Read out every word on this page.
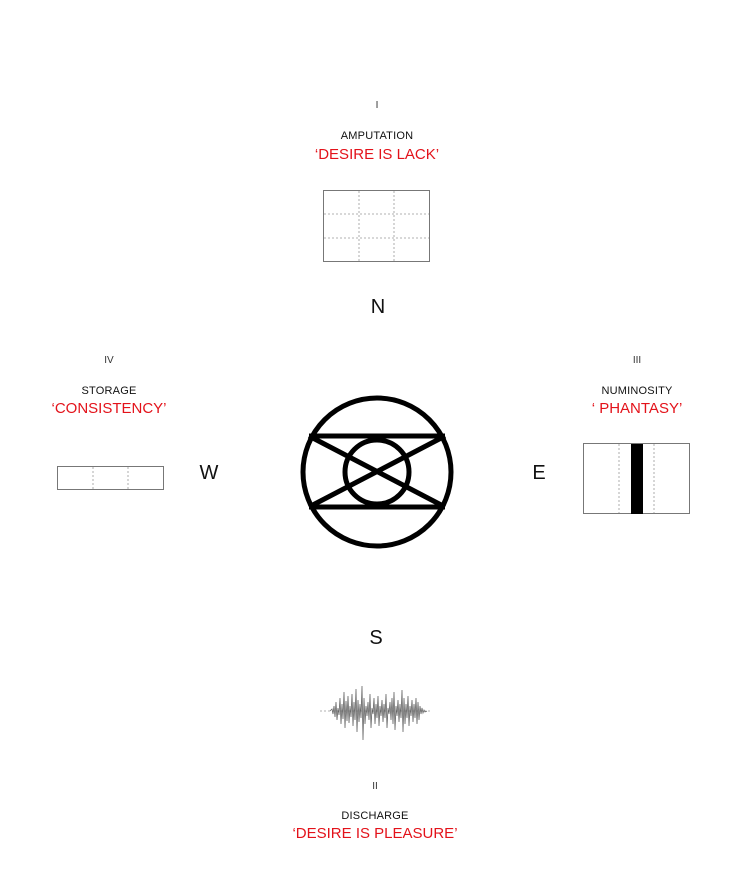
I
AMPUTATION
‘DESIRE IS LACK’
N
IV
STORAGE
‘CONSISTENCY’
W
III
NUMINOSITY
‘ PHANTASY’
E
S
II
DISCHARGE
‘DESIRE IS PLEASURE’
